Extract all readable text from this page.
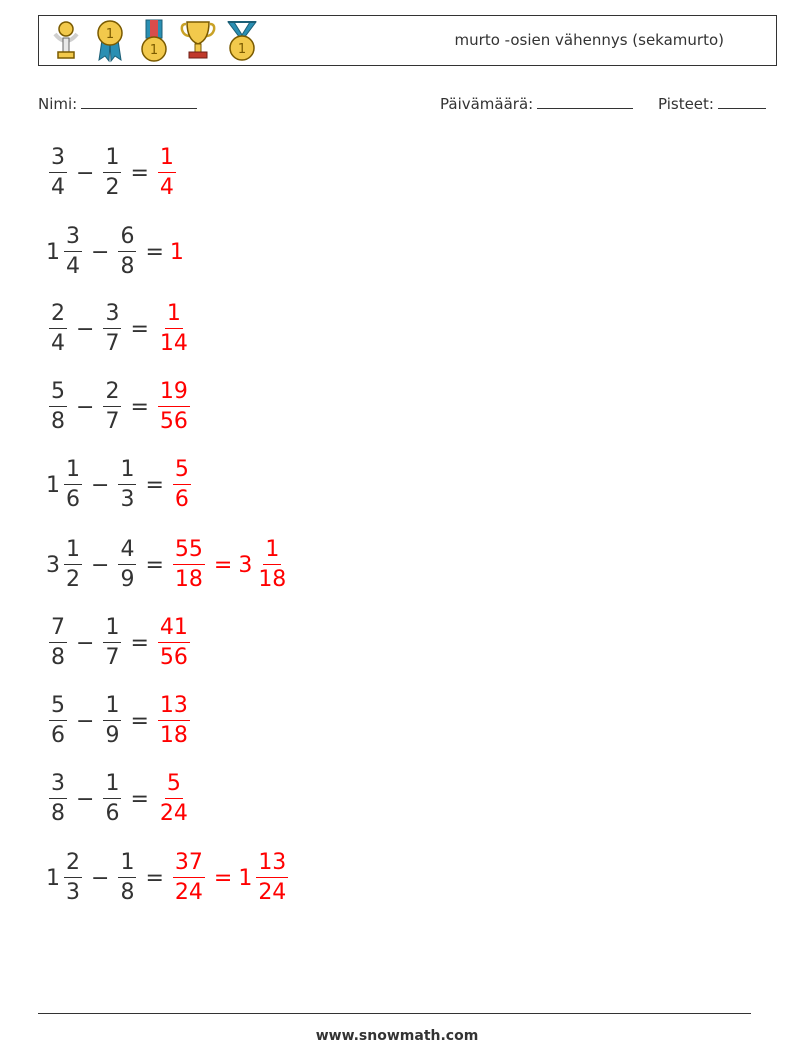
1
1	1
murto -osien vähennys (sekamurto)
Nimi:	Päivämäärä:	Pisteet:
$\frac{3}{4} - \frac{1}{2} = \frac{1}{4}$
$1 \frac{3}{4} - \frac{6}{8} = 1$
$\frac{2}{4} - \frac{3}{7} = \frac{1}{14}$
$\frac{5}{8} - \frac{2}{7} = \frac{19}{56}$
$1 \frac{1}{6} - \frac{1}{3} = \frac{5}{6}$
$3 \frac{1}{2} - \frac{4}{9} = \frac{55}{18} = 3 \frac{1}{18}$
$\frac{7}{8} - \frac{1}{7} = \frac{41}{56}$
$\frac{5}{6} - \frac{1}{9} = \frac{13}{18}$
$\frac{3}{8} - \frac{1}{6} = \frac{5}{24}$
$1 \frac{2}{3} - \frac{1}{8} = \frac{37}{24} = 1 \frac{13}{24}$
www.snowmath.com
